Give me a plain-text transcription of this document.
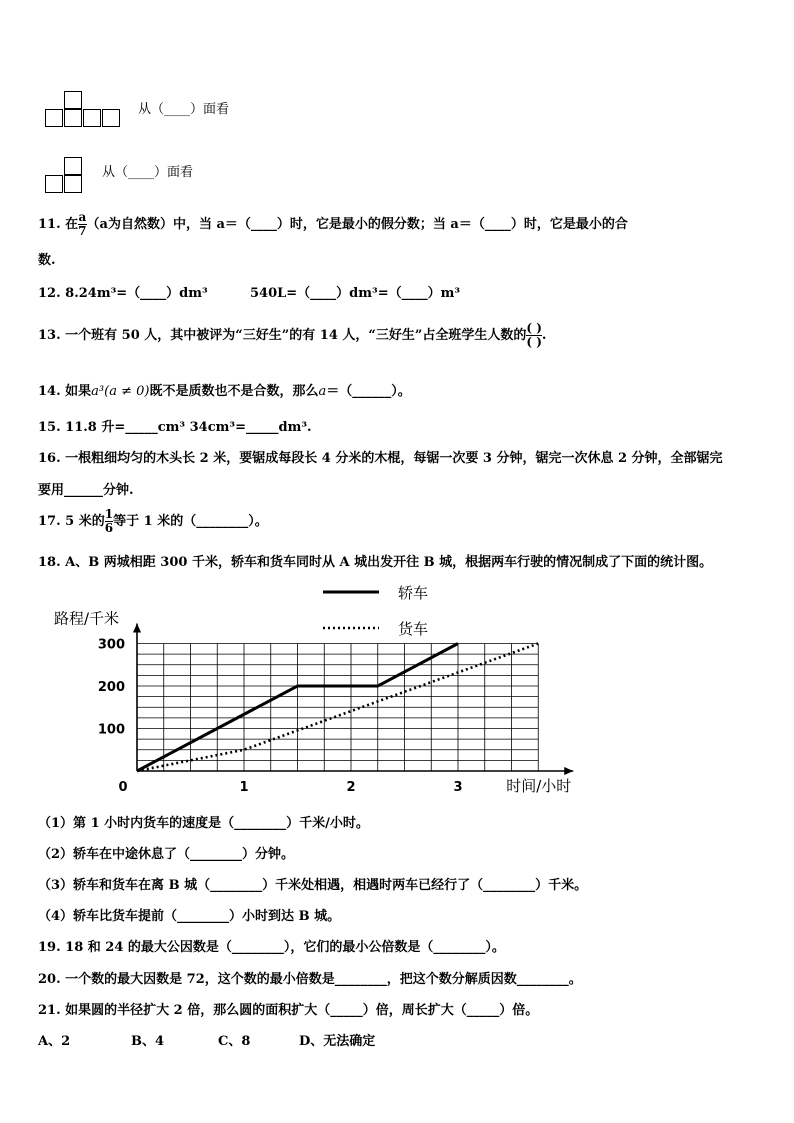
从（____）面看
从（____）面看
11. 在 $\frac{a}{7} (a$为自然数）中，当 a＝（____）时，它是最小的假分数；当 a＝（____）时，它是最小的合
数.
12. 8.24m³=（____）dm³	540L=（____）dm³=（____）m³
13. 一个班有 50 人，其中被评为“三好生”的有 14 人，“三好生”占全班学生人数的 $\frac{( )}{( )}$ .
14. 如果a³(a ≠ 0)既不是质数也不是合数，那么a＝（______）。
15. 11.8 升=_____cm³ 34cm³=_____dm³.
16. 一根粗细均匀的木头长 2 米，要锯成每段长 4 分米的木棍，每锯一次要 3 分钟，锯完一次休息 2 分钟，全部锯完
要用______分钟.
17. 5 米的 $\frac{1}{6}$ 等于 1 米的（________）。
18. A、B 两城相距 300 千米，轿车和货车同时从 A 城出发开往 B 城，根据两车行驶的情况制成了下面的统计图。
100
200
300
0	1	2	3
路程/千米
时间/小时
轿车
货车
（1）第 1 小时内货车的速度是（________）千米/小时。
（2）轿车在中途休息了（________）分钟。
（3）轿车和货车在离 B 城（________）千米处相遇，相遇时两车已经行了（________）千米。
（4）轿车比货车提前（________）小时到达 B 城。
19. 18 和 24 的最大公因数是（________），它们的最小公倍数是（________）。
20. 一个数的最大因数是 72，这个数的最小倍数是________，把这个数分解质因数________。
21. 如果圆的半径扩大 2 倍，那么圆的面积扩大（_____）倍，周长扩大（_____）倍。
A、2	B、4	C、8	D、无法确定
